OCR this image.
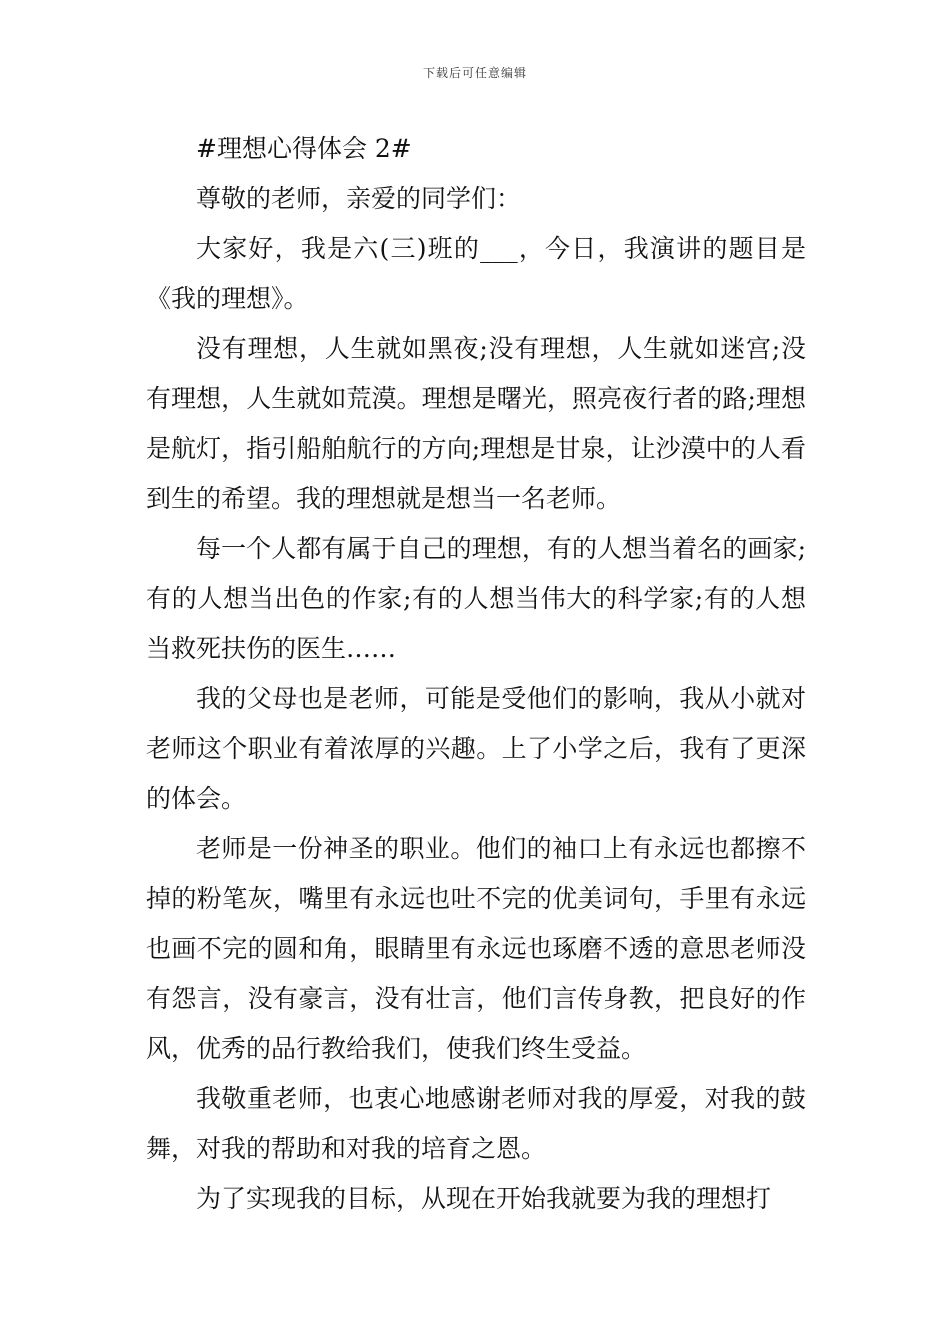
下载后可任意编辑

#理想心得体会 2#

尊敬的老师，亲爱的同学们：

大家好，我是六(三)班的___，今日，我演讲的题目是《我的理想》。

没有理想，人生就如黑夜;没有理想，人生就如迷宫;没有理想，人生就如荒漠。理想是曙光，照亮夜行者的路;理想是航灯，指引船舶航行的方向;理想是甘泉，让沙漠中的人看到生的希望。我的理想就是想当一名老师。

每一个人都有属于自己的理想，有的人想当着名的画家;有的人想当出色的作家;有的人想当伟大的科学家;有的人想当救死扶伤的医生……

我的父母也是老师，可能是受他们的影响，我从小就对老师这个职业有着浓厚的兴趣。上了小学之后，我有了更深的体会。

老师是一份神圣的职业。他们的袖口上有永远也都擦不掉的粉笔灰，嘴里有永远也吐不完的优美词句，手里有永远也画不完的圆和角，眼睛里有永远也琢磨不透的意思老师没有怨言，没有豪言，没有壮言，他们言传身教，把良好的作风，优秀的品行教给我们，使我们终生受益。

我敬重老师，也衷心地感谢老师对我的厚爱，对我的鼓舞，对我的帮助和对我的培育之恩。

为了实现我的目标，从现在开始我就要为我的理想打
